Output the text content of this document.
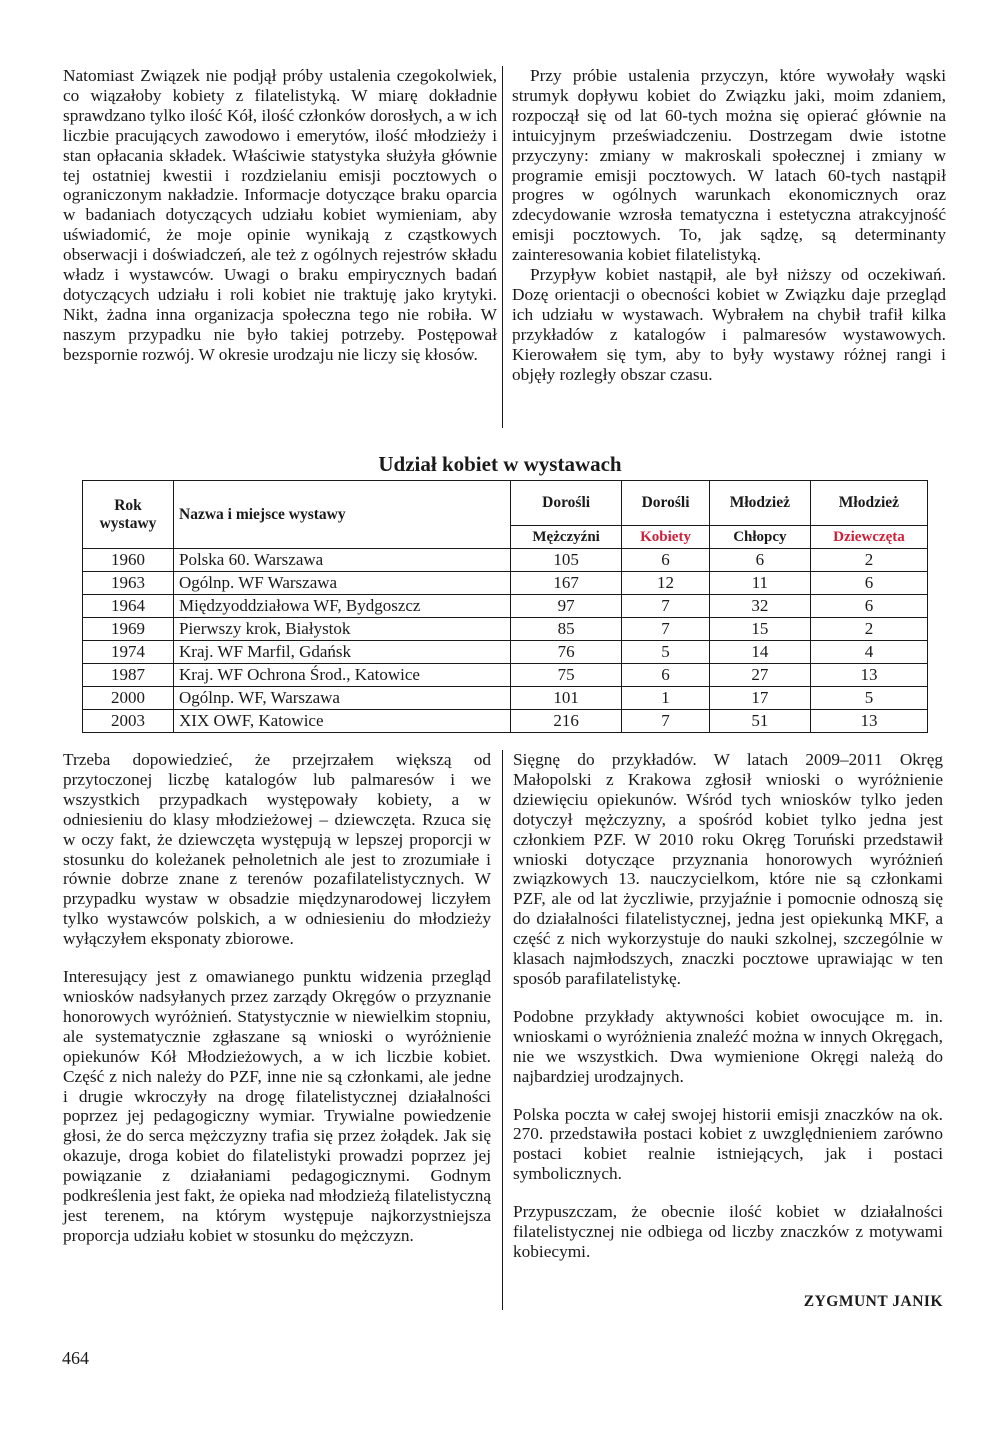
Natomiast Związek nie podjął próby ustalenia czegokolwiek, co wiązałoby kobiety z filatelistyką. W miarę dokładnie sprawdzano tylko ilość Kół, ilość członków dorosłych, a w ich liczbie pracujących zawodowo i emerytów, ilość młodzieży i stan opłacania składek. Właściwie statystyka służyła głównie tej ostatniej kwestii i rozdzielaniu emisji pocztowych o ograniczonym nakładzie. Informacje dotyczące braku oparcia w badaniach dotyczących udziału kobiet wymieniam, aby uświadomić, że moje opinie wynikają z cząstkowych obserwacji i doświadczeń, ale też z ogólnych rejestrów składu władz i wystawców. Uwagi o braku empirycznych badań dotyczących udziału i roli kobiet nie traktuję jako krytyki. Nikt, żadna inna organizacja społeczna tego nie robiła. W naszym przypadku nie było takiej potrzeby. Postępował bezspornie rozwój. W okresie urodzaju nie liczy się kłosów.

Przy próbie ustalenia przyczyn, które wywołały wąski strumyk dopływu kobiet do Związku jaki, moim zdaniem, rozpoczął się od lat 60-tych można się opierać głównie na intuicyjnym przeświadczeniu. Dostrzegam dwie istotne przyczyny: zmiany w makroskali społecznej i zmiany w programie emisji pocztowych. W latach 60-tych nastąpił progres w ogólnych warunkach ekonomicznych oraz zdecydowanie wzrosła tematyczna i estetyczna atrakcyjność emisji pocztowych. To, jak sądzę, są determinanty zainteresowania kobiet filatelistyką.

Przypływ kobiet nastąpił, ale był niższy od oczekiwań. Dozę orientacji o obecności kobiet w Związku daje przegląd ich udziału w wystawach. Wybrałem na chybił trafił kilka przykładów z katalogów i palmaresów wystawowych. Kierowałem się tym, aby to były wystawy różnej rangi i objęły rozległy obszar czasu.

Udział kobiet w wystawach
Rok wystawy	Nazwa i miejsce wystawy	Dorośli	Dorośli	Młodzież	Młodzież
		Mężczyźni	Kobiety	Chłopcy	Dziewczęta
1960	Polska 60. Warszawa	105	6	6	2
1963	Ogólnp. WF Warszawa	167	12	11	6
1964	Międzyoddziałowa WF, Bydgoszcz	97	7	32	6
1969	Pierwszy krok, Białystok	85	7	15	2
1974	Kraj. WF Marfil, Gdańsk	76	5	14	4
1987	Kraj. WF Ochrona Środ., Katowice	75	6	27	13
2000	Ogólnp. WF, Warszawa	101	1	17	5
2003	XIX OWF, Katowice	216	7	51	13

Trzeba dopowiedzieć, że przejrzałem większą od przytoczonej liczbę katalogów lub palmaresów i we wszystkich przypadkach występowały kobiety, a w odniesieniu do klasy młodzieżowej – dziewczęta. Rzuca się w oczy fakt, że dziewczęta występują w lepszej proporcji w stosunku do koleżanek pełnoletnich ale jest to zrozumiałe i równie dobrze znane z terenów pozafilatelistycznych. W przypadku wystaw w obsadzie międzynarodowej liczyłem tylko wystawców polskich, a w odniesieniu do młodzieży wyłączyłem eksponaty zbiorowe.

Interesujący jest z omawianego punktu widzenia przegląd wniosków nadsyłanych przez zarządy Okręgów o przyznanie honorowych wyróżnień. Statystycznie w niewielkim stopniu, ale systematycznie zgłaszane są wnioski o wyróżnienie opiekunów Kół Młodzieżowych, a w ich liczbie kobiet. Część z nich należy do PZF, inne nie są członkami, ale jedne i drugie wkroczyły na drogę filatelistycznej działalności poprzez jej pedagogiczny wymiar. Trywialne powiedzenie głosi, że do serca mężczyzny trafia się przez żołądek. Jak się okazuje, droga kobiet do filatelistyki prowadzi poprzez jej powiązanie z działaniami pedagogicznymi. Godnym podkreślenia jest fakt, że opieka nad młodzieżą filatelistyczną jest terenem, na którym występuje najkorzystniejsza proporcja udziału kobiet w stosunku do mężczyzn.

Sięgnę do przykładów. W latach 2009–2011 Okręg Małopolski z Krakowa zgłosił wnioski o wyróżnienie dziewięciu opiekunów. Wśród tych wniosków tylko jeden dotyczył mężczyzny, a spośród kobiet tylko jedna jest członkiem PZF. W 2010 roku Okręg Toruński przedstawił wnioski dotyczące przyznania honorowych wyróżnień związkowych 13. nauczycielkom, które nie są członkami PZF, ale od lat życzliwie, przyjaźnie i pomocnie odnoszą się do działalności filatelistycznej, jedna jest opiekunką MKF, a część z nich wykorzystuje do nauki szkolnej, szczególnie w klasach najmłodszych, znaczki pocztowe uprawiając w ten sposób parafilatelistykę.

Podobne przykłady aktywności kobiet owocujące m. in. wnioskami o wyróżnienia znaleźć można w innych Okręgach, nie we wszystkich. Dwa wymienione Okręgi należą do najbardziej urodzajnych.

Polska poczta w całej swojej historii emisji znaczków na ok. 270. przedstawiła postaci kobiet z uwzględnieniem zarówno postaci kobiet realnie istniejących, jak i postaci symbolicznych.

Przypuszczam, że obecnie ilość kobiet w działalności filatelistycznej nie odbiega od liczby znaczków z motywami kobiecymi.

ZYGMUNT JANIK
464
